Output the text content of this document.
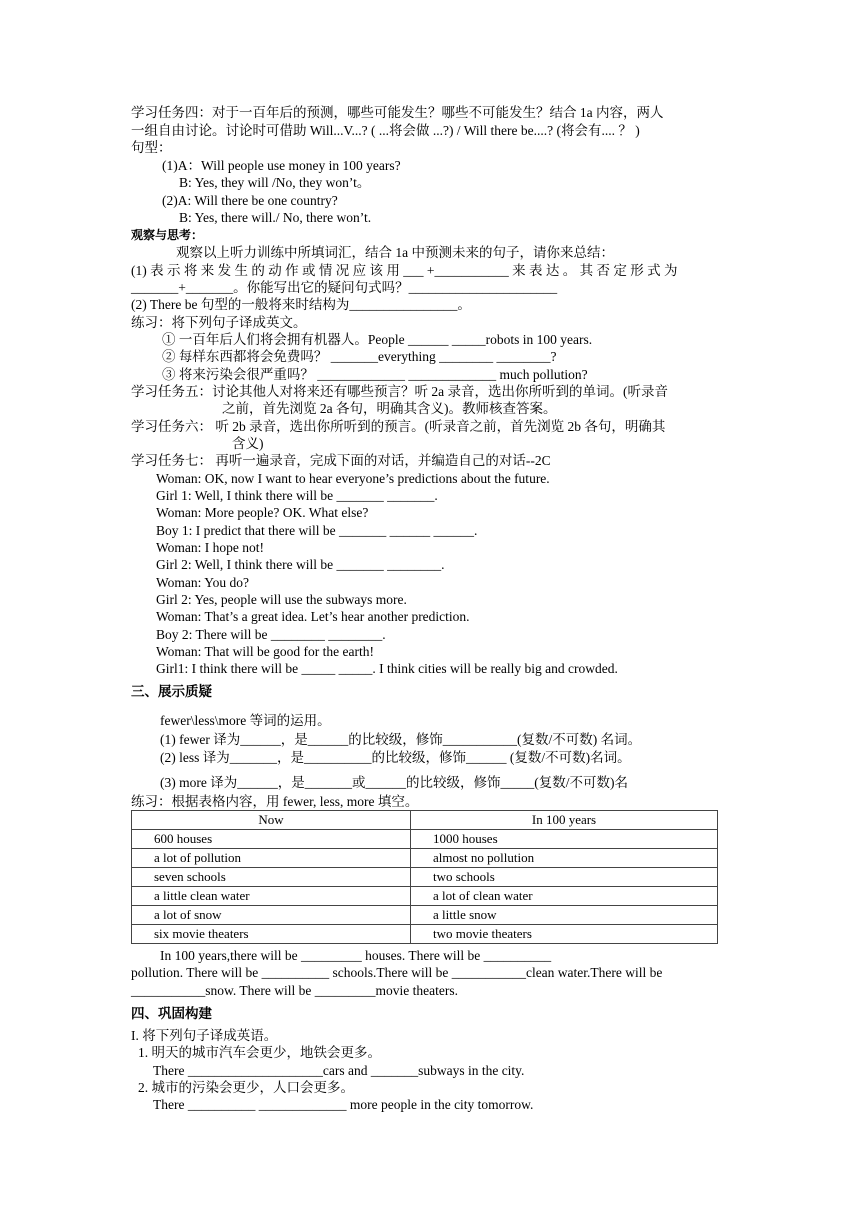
学习任务四：对于一百年后的预测，哪些可能发生？哪些不可能发生？结合 1a 内容，两人
一组自由讨论。讨论时可借助 Will...V...? ( ...将会做 ...?) / Will there be....? (将会有.... ？ )
句型：
(1)A：Will people use money in 100 years?
B: Yes, they will /No, they won’t。
(2)A: Will there be one country?
B: Yes, there will./ No, there won’t.
观察与思考：
观察以上听力训练中所填词汇，结合 1a 中预测未来的句子，请你来总结：
(1) 表 示 将 来 发 生 的 动 作 或 情 况 应 该 用 ___ +___________ 来 表 达 。 其 否 定 形 式 为
_______+_______。你能写出它的疑问句式吗？______________________
(2) There be 句型的一般将来时结构为________________。
练习：将下列句子译成英文。
① 一百年后人们将会拥有机器人。People ______ _____robots in 100 years.
② 每样东西都将会免费吗？ _______everything ________ ________?
③ 将来污染会很严重吗？ _____________ _____________ much pollution?
学习任务五：讨论其他人对将来还有哪些预言？听 2a 录音，选出你所听到的单词。(听录音
之前，首先浏览 2a 各句，明确其含义)。教师核查答案。
学习任务六： 听 2b 录音，选出你所听到的预言。(听录音之前，首先浏览 2b 各句，明确其
含义)
学习任务七： 再听一遍录音，完成下面的对话，并编造自己的对话--2C
Woman: OK, now I want to hear everyone’s predictions about the future.
Girl 1: Well, I think there will be _______ _______.
Woman: More people? OK. What else?
Boy 1: I predict that there will be _______ ______ ______.
Woman: I hope not!
Girl 2: Well, I think there will be _______ ________.
Woman: You do?
Girl 2: Yes, people will use the subways more.
Woman: That’s a great idea. Let’s hear another prediction.
Boy 2: There will be ________ ________.
Woman: That will be good for the earth!
Girl1: I think there will be _____ _____. I think cities will be really big and crowded.
三、展示质疑
fewer\less\more 等词的运用。
(1) fewer 译为______，是______的比较级，修饰___________(复数/不可数) 名词。
(2) less 译为_______，是__________的比较级，修饰______ (复数/不可数)名词。
(3) more 译为______，是_______或______的比较级，修饰_____(复数/不可数)名
练习：根据表格内容，用 fewer, less, more 填空。
Now	In 100 years
600 houses	1000 houses
a lot of pollution	almost no pollution
seven schools	two schools
a little clean water	a lot of clean water
a lot of snow	a little snow
six movie theaters	two movie theaters
In 100 years,there will be _________ houses. There will be __________
pollution. There will be __________ schools.There will be ___________clean water.There will be
___________snow. There will be _________movie theaters.
四、巩固构建
I. 将下列句子译成英语。
1. 明天的城市汽车会更少，地铁会更多。
There ____________________cars and _______subways in the city.
2. 城市的污染会更少，人口会更多。
There __________ _____________ more people in the city tomorrow.
